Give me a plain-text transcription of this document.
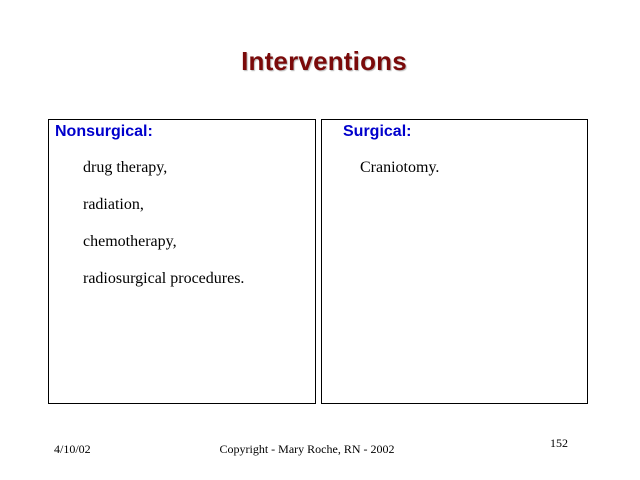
Interventions
Nonsurgical:
drug therapy,
radiation,
chemotherapy,
radiosurgical procedures.
Surgical:
Craniotomy.
4/10/02	Copyright - Mary Roche, RN - 2002	152
